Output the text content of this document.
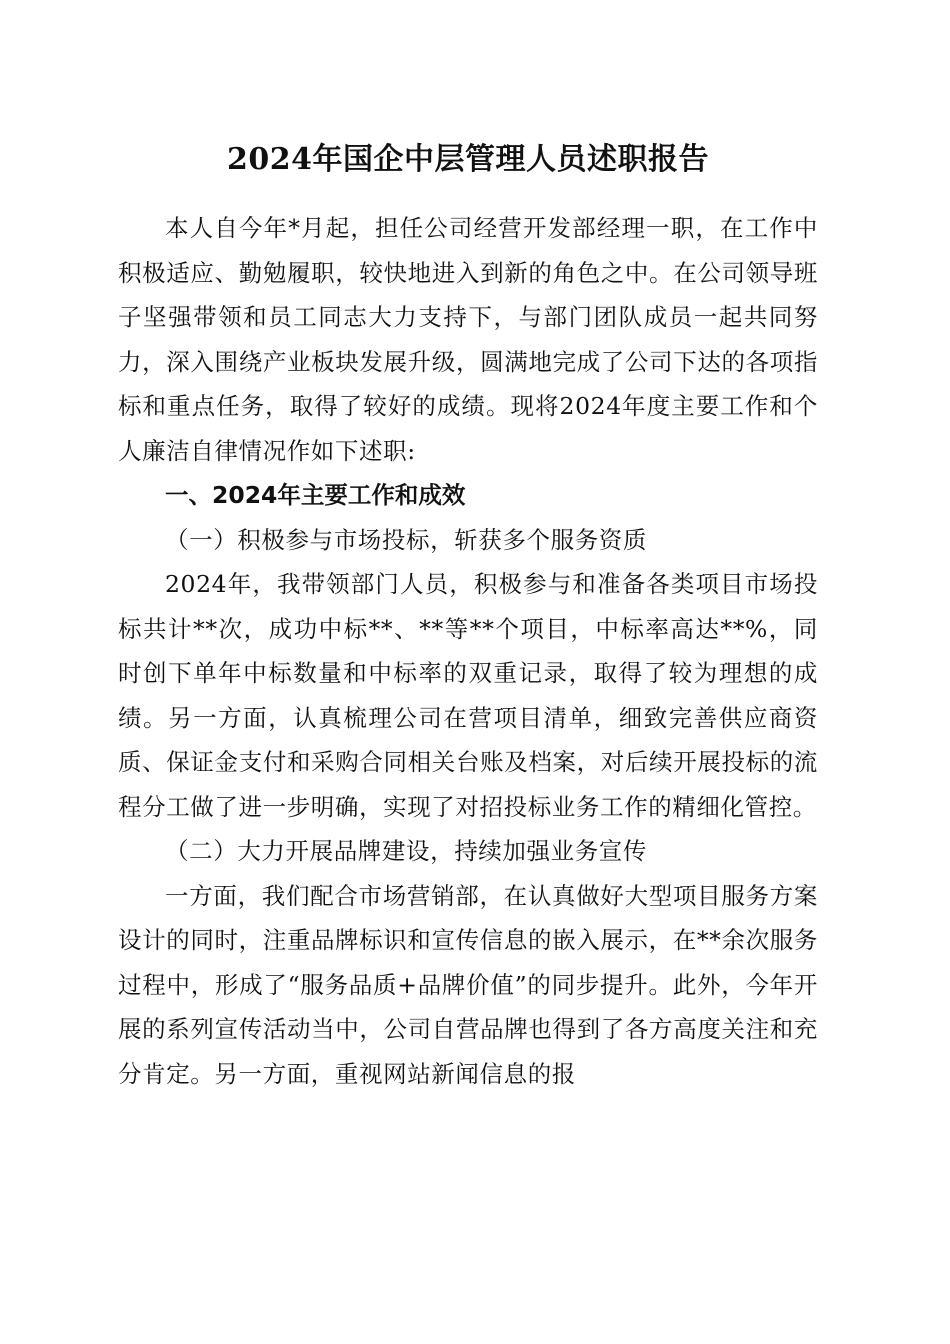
2024年国企中层管理人员述职报告

本人自今年*月起，担任公司经营开发部经理一职，在工作中积极适应、勤勉履职，较快地进入到新的角色之中。在公司领导班子坚强带领和员工同志大力支持下，与部门团队成员一起共同努力，深入围绕产业板块发展升级，圆满地完成了公司下达的各项指标和重点任务，取得了较好的成绩。现将2024年度主要工作和个人廉洁自律情况作如下述职:

一、2024年主要工作和成效

（一）积极参与市场投标，斩获多个服务资质

2024年，我带领部门人员，积极参与和准备各类项目市场投标共计**次，成功中标**、**等**个项目，中标率高达**%，同时创下单年中标数量和中标率的双重记录，取得了较为理想的成绩。另一方面，认真梳理公司在营项目清单，细致完善供应商资质、保证金支付和采购合同相关台账及档案，对后续开展投标的流程分工做了进一步明确，实现了对招投标业务工作的精细化管控。

（二）大力开展品牌建设，持续加强业务宣传

一方面，我们配合市场营销部，在认真做好大型项目服务方案设计的同时，注重品牌标识和宣传信息的嵌入展示，在**余次服务过程中，形成了“服务品质+品牌价值”的同步提升。此外，今年开展的系列宣传活动当中，公司自营品牌也得到了各方高度关注和充分肯定。另一方面，重视网站新闻信息的报
